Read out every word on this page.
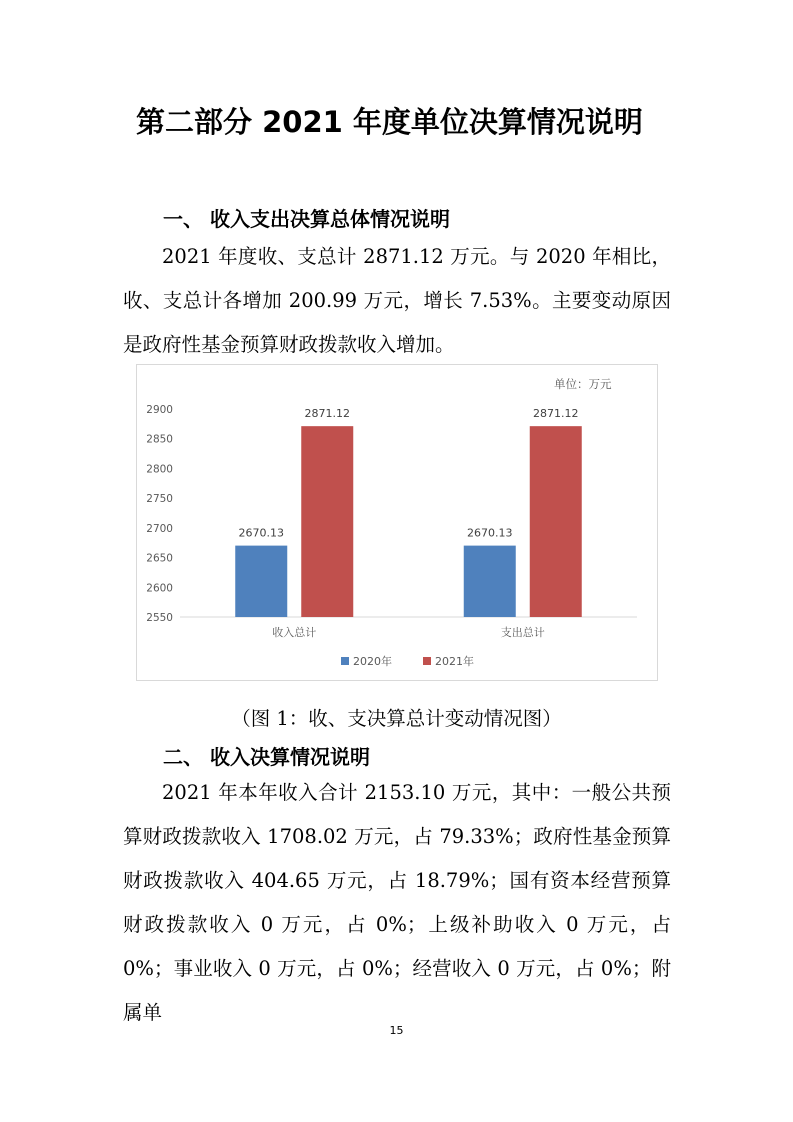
第二部分 2021 年度单位决算情况说明
一、 收入支出决算总体情况说明
2021 年度收、支总计 2871.12 万元。与 2020 年相比，收、支总计各增加 200.99 万元，增长 7.53%。主要变动原因是政府性基金预算财政拨款收入增加。
单位：万元
2550
2600
2650
2700
2750
2800
2850
2900
2670.13
2871.12
收入总计
2670.13
2871.12
支出总计
2020年	2021年
（图 1：收、支决算总计变动情况图）
二、 收入决算情况说明
2021 年本年收入合计 2153.10 万元，其中：一般公共预算财政拨款收入 1708.02 万元，占 79.33%；政府性基金预算财政拨款收入 404.65 万元，占 18.79%；国有资本经营预算财政拨款收入 0 万元，占 0%；上级补助收入 0 万元，占 0%；事业收入 0 万元，占 0%；经营收入 0 万元，占 0%；附属单
15
